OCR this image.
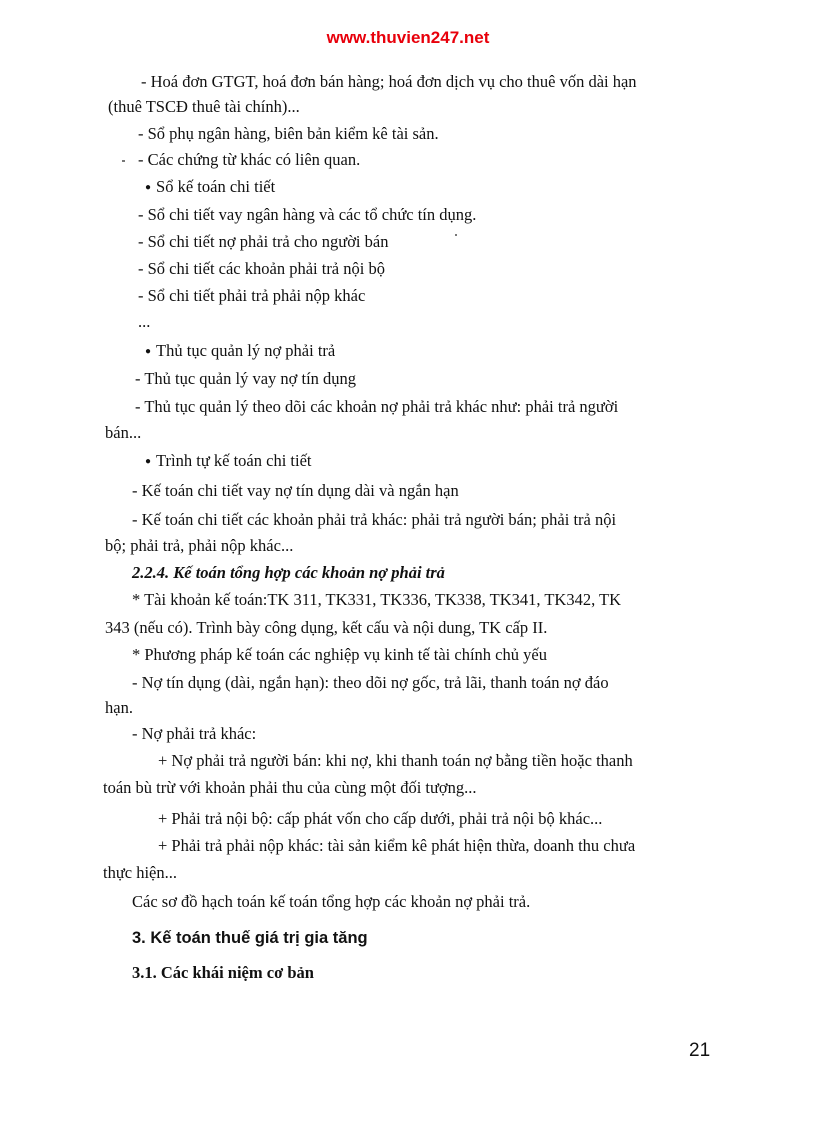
www.thuvien247.net
- Hoá đơn GTGT, hoá đơn bán hàng; hoá đơn dịch vụ cho thuê vốn dài hạn
(thuê TSCĐ thuê tài chính)...
- Sổ phụ ngân hàng, biên bản kiểm kê tài sản.
- Các chứng từ khác có liên quan.
● Sổ kế toán chi tiết
- Sổ chi tiết vay ngân hàng và các tổ chức tín dụng.
- Sổ chi tiết nợ phải trả cho người bán
- Sổ chi tiết các khoản phải trả nội bộ
- Sổ chi tiết phải trả phải nộp khác
...
● Thủ tục quản lý nợ phải trả
- Thủ tục quản lý vay nợ tín dụng
- Thủ tục quản lý theo dõi các khoản nợ phải trả khác như: phải trả người
bán...
● Trình tự kế toán chi tiết
- Kế toán chi tiết vay nợ tín dụng dài và ngắn hạn
- Kế toán chi tiết các khoản phải trả khác: phải trả người bán; phải trả nội
bộ; phải trả, phải nộp khác...
2.2.4. Kế toán tổng hợp các khoản nợ phải trả
* Tài khoản kế toán:TK 311, TK331, TK336, TK338, TK341, TK342, TK
343 (nếu có). Trình bày công dụng, kết cấu và nội dung, TK cấp II.
* Phương pháp kế toán các nghiệp vụ kinh tế tài chính chủ yếu
- Nợ tín dụng (dài, ngắn hạn): theo dõi nợ gốc, trả lãi, thanh toán nợ đáo
hạn.
- Nợ phải trả khác:
+ Nợ phải trả người bán: khi nợ, khi thanh toán nợ bằng tiền hoặc thanh
toán bù trừ với khoản phải thu của cùng một đối tượng...
+ Phải trả nội bộ: cấp phát vốn cho cấp dưới, phải trả nội bộ khác...
+ Phải trả phải nộp khác: tài sản kiểm kê phát hiện thừa, doanh thu chưa
thực hiện...
Các sơ đồ hạch toán kế toán tổng hợp các khoản nợ phải trả.
3. Kế toán thuế giá trị gia tăng
3.1. Các khái niệm cơ bản
21
